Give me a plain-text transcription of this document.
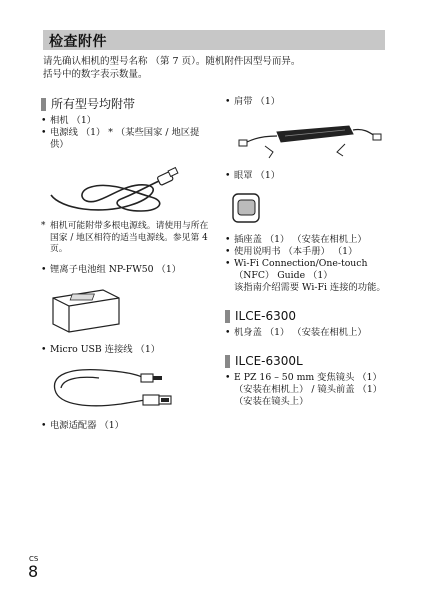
检查附件
请先确认相机的型号名称 （第 7 页）。随机附件因型号而异。
括号中的数字表示数量。
所有型号均附带
• 相机 （1）
• 电源线 （1） * （某些国家 / 地区提供）
* 相机可能附带多根电源线。请使用与所在国家 / 地区相符的适当电源线。参见第 4 页。
• 锂离子电池组 NP-FW50 （1）
• Micro USB 连接线 （1）
• 电源适配器 （1）
• 肩带 （1）
• 眼罩 （1）
• 插座盖 （1） （安装在相机上）
• 使用说明书 （本手册） （1）
• Wi-Fi Connection/One-touch （NFC） Guide （1）
该指南介绍需要 Wi-Fi 连接的功能。
ILCE-6300
• 机身盖 （1） （安装在相机上）
ILCE-6300L
• E PZ 16 – 50 mm 变焦镜头 （1） （安装在相机上） / 镜头前盖 （1） （安装在镜头上）
CS
8
